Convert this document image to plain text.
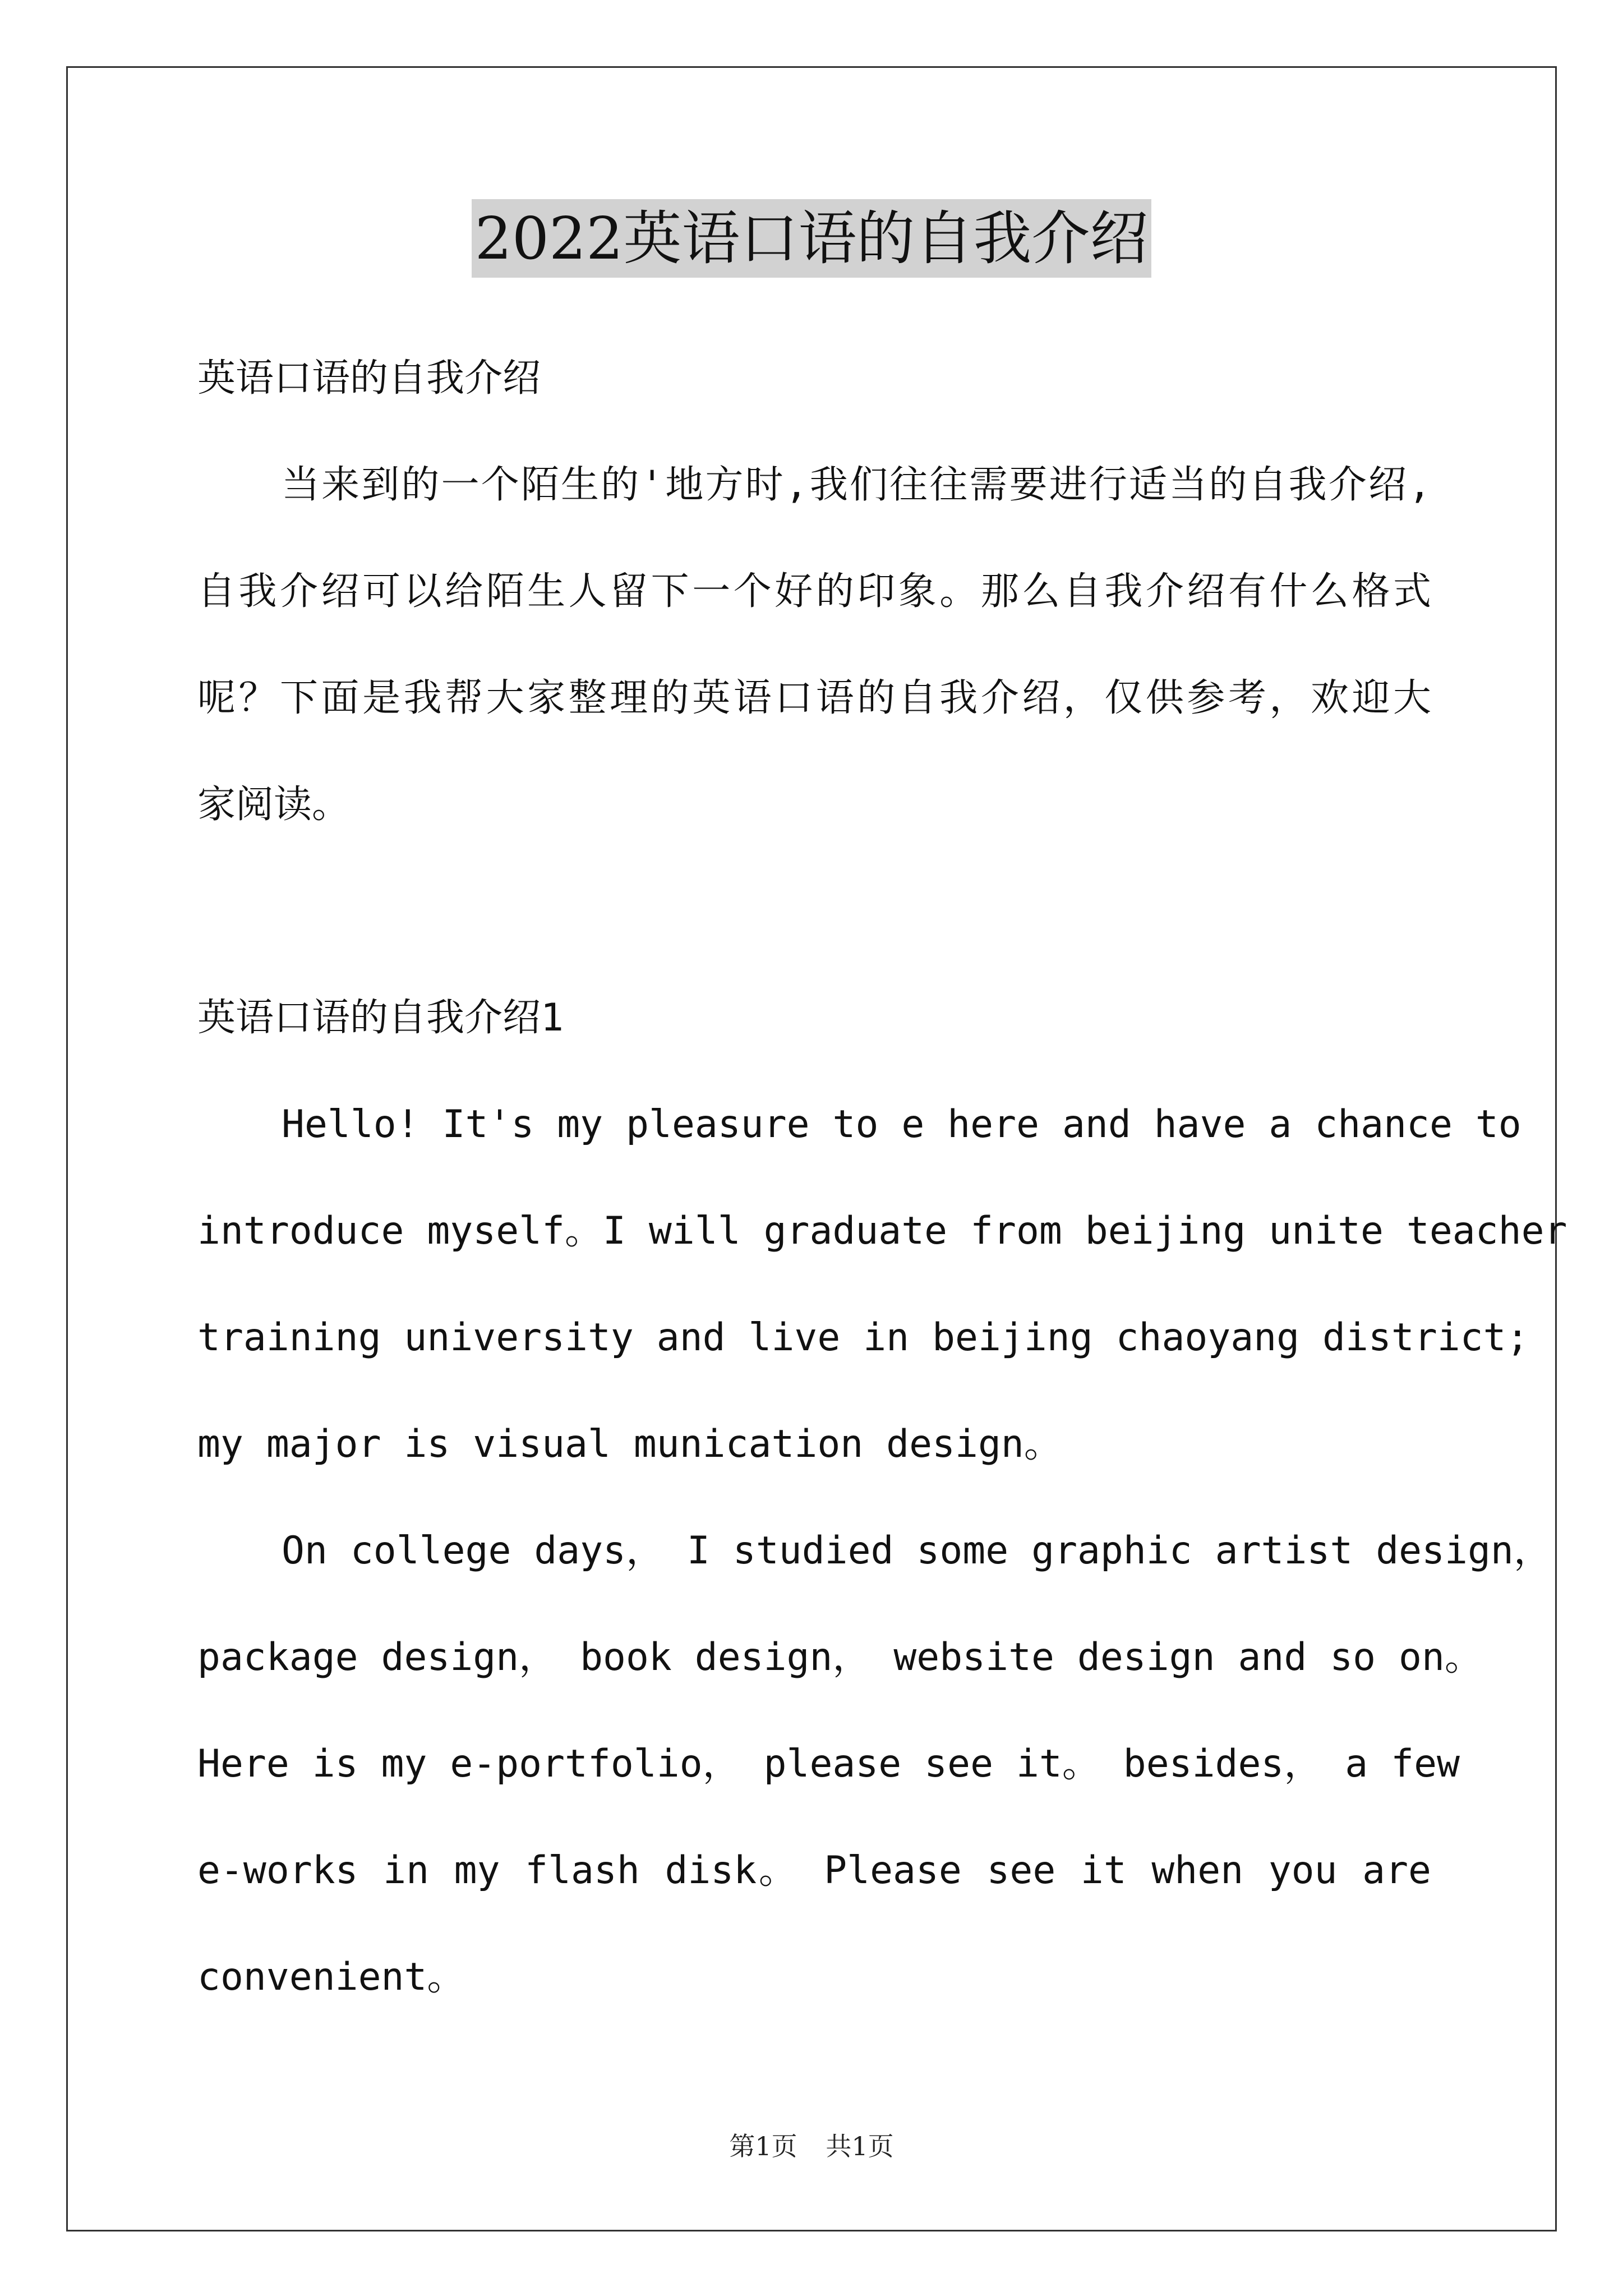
2022英语口语的自我介绍
英语口语的自我介绍
当来到的一个陌生的'地方时,我们往往需要进行适当的自我介绍,
自我介绍可以给陌生人留下一个好的印象。那么自我介绍有什么格式
呢？下面是我帮大家整理的英语口语的自我介绍，仅供参考，欢迎大
家阅读。
英语口语的自我介绍1
Hello! It's my pleasure to e here and have a chance to
introduce myself。I will graduate from beijing unite teacher
training university and live in beijing chaoyang district;
my major is visual munication design。
On college days， I studied some graphic artist design，
package design， book design， website design and so on。
Here is my e-portfolio， please see it。 besides， a few
e-works in my flash disk。 Please see it when you are
convenient。
第1页 共1页
